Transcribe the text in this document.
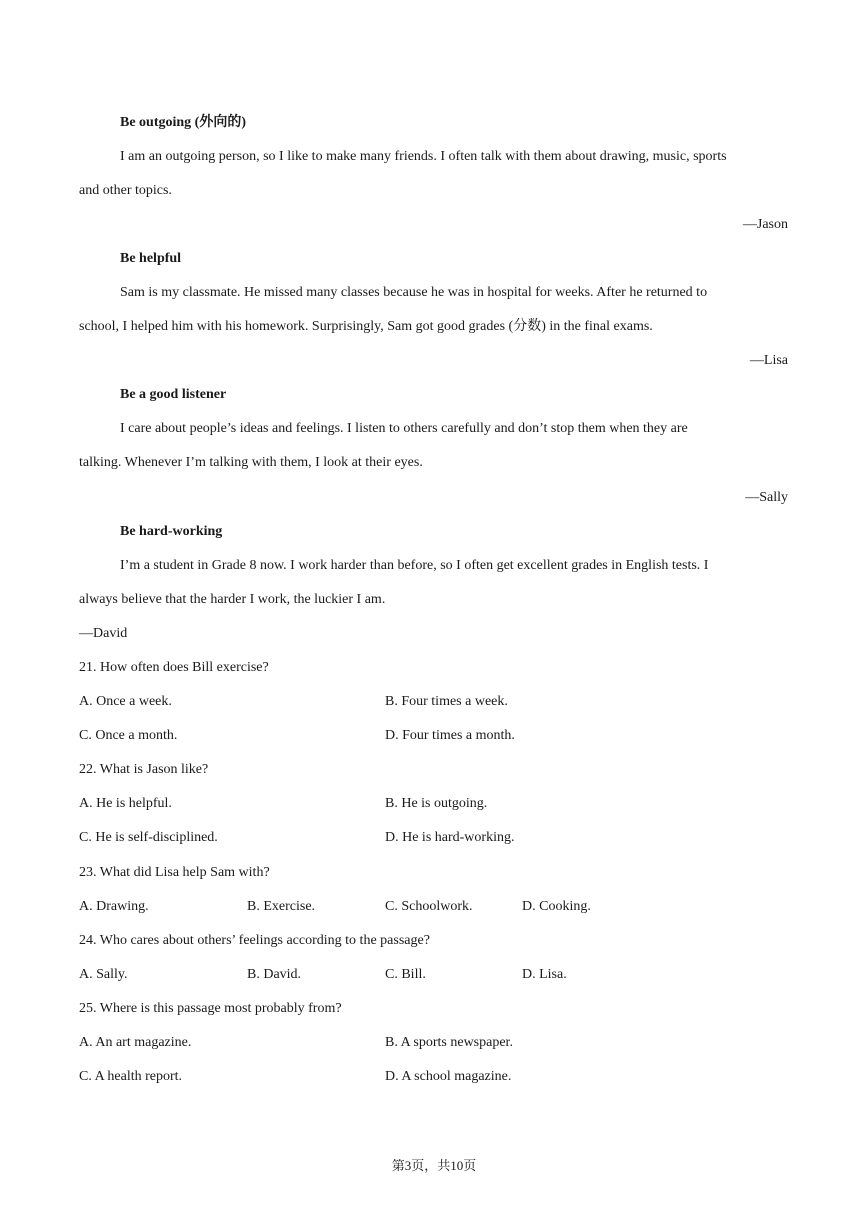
Be outgoing (外向的)
I am an outgoing person, so I like to make many friends. I often talk with them about drawing, music, sports
and other topics.
—Jason
Be helpful
Sam is my classmate. He missed many classes because he was in hospital for weeks. After he returned to
school, I helped him with his homework. Surprisingly, Sam got good grades (分数) in the final exams.
—Lisa
Be a good listener
I care about people’s ideas and feelings. I listen to others carefully and don’t stop them when they are
talking. Whenever I’m talking with them, I look at their eyes.
—Sally
Be hard-working
I’m a student in Grade 8 now. I work harder than before, so I often get excellent grades in English tests. I
always believe that the harder I work, the luckier I am.
—David
21. How often does Bill exercise?
A. Once a week.	B. Four times a week.
C. Once a month.	D. Four times a month.
22. What is Jason like?
A. He is helpful.	B. He is outgoing.
C. He is self-disciplined.	D. He is hard-working.
23. What did Lisa help Sam with?
A. Drawing.	B. Exercise.	C. Schoolwork.	D. Cooking.
24. Who cares about others’ feelings according to the passage?
A. Sally.	B. David.	C. Bill.	D. Lisa.
25. Where is this passage most probably from?
A. An art magazine.	B. A sports newspaper.
C. A health report.	D. A school magazine.
第3页，共10页
